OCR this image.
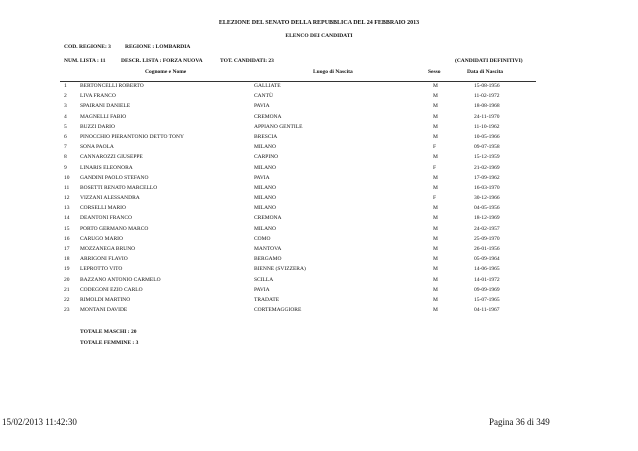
ELEZIONE DEL SENATO DELLA REPUBBLICA DEL 24 FEBBRAIO 2013
ELENCO DEI CANDIDATI
COD. REGIONE: 3	REGIONE : LOMBARDIA
NUM. LISTA : 11	DESCR. LISTA : FORZA NUOVA	TOT. CANDIDATI: 23	(CANDIDATI DEFINITIVI)
Cognome e Nome	Luogo di Nascita	Sesso	Data di Nascita
1 BERTONCELLI ROBERTO	GALLIATE	M	15-08-1956
2 LIVA FRANCO	CANTÙ	M	11-02-1972
3 SPAIRANI DANIELE	PAVIA	M	18-08-1968
4 MAGNELLI FABIO	CREMONA	M	24-11-1970
5 BUZZI DARIO	APPIANO GENTILE	M	11-10-1962
6 PINOCCHIO PIERANTONIO DETTO TONY	BRESCIA	M	10-05-1966
7 SONA PAOLA	MILANO	F	09-07-1958
8 CANNAROZZI GIUSEPPE	CARPINO	M	15-12-1959
9 LINARIS ELEONORA	MILANO	F	21-02-1969
10 GANDINI PAOLO STEFANO	PAVIA	M	17-09-1962
11 BOSETTI RENATO MARCELLO	MILANO	M	16-03-1970
12 VIZZANI ALESSANDRA	MILANO	F	30-12-1966
13 CORSELLI MARIO	MILANO	M	04-05-1956
14 DEANTONI FRANCO	CREMONA	M	18-12-1969
15 PORTO GERMANO MARCO	MILANO	M	24-02-1957
16 CARUGO MARIO	COMO	M	25-09-1970
17 MOZZANEGA BRUNO	MANTOVA	M	26-01-1956
18 ARRIGONI FLAVIO	BERGAMO	M	05-09-1964
19 LEPROTTO VITO	BIENNE (SVIZZERA)	M	14-06-1965
20 BAZZANO ANTONIO CARMELO	SCILLA	M	14-01-1972
21 CODEGONI EZIO CARLO	PAVIA	M	09-09-1969
22 RIMOLDI MARTINO	TRADATE	M	15-07-1965
23 MONTANI DAVIDE	CORTEMAGGIORE	M	04-11-1967
TOTALE MASCHI : 20
TOTALE FEMMINE : 3
15/02/2013 11:42:30	Pagina 36 di 349
